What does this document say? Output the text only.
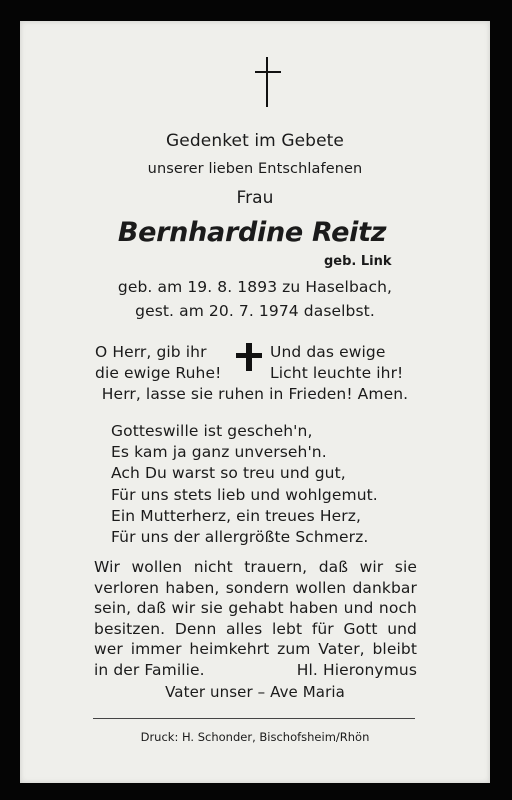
Gedenket im Gebete
unserer lieben Entschlafenen
Frau
Bernhardine Reitz
geb. Link
geb. am 19. 8. 1893 zu Haselbach,
gest. am 20. 7. 1974 daselbst.
O Herr, gib ihr
die ewige Ruhe!
Und das ewige
Licht leuchte ihr!
Herr, lasse sie ruhen in Frieden! Amen.
Gotteswille ist gescheh'n,
Es kam ja ganz unverseh'n.
Ach Du warst so treu und gut,
Für uns stets lieb und wohlgemut.
Ein Mutterherz, ein treues Herz,
Für uns der allergrößte Schmerz.
Wir wollen nicht trauern, daß wir sie
verloren haben, sondern wollen dankbar
sein, daß wir sie gehabt haben und noch
besitzen. Denn alles lebt für Gott und
wer immer heimkehrt zum Vater, bleibt
in der Familie.	Hl. Hieronymus
Vater unser – Ave Maria
Druck: H. Schonder, Bischofsheim/Rhön
